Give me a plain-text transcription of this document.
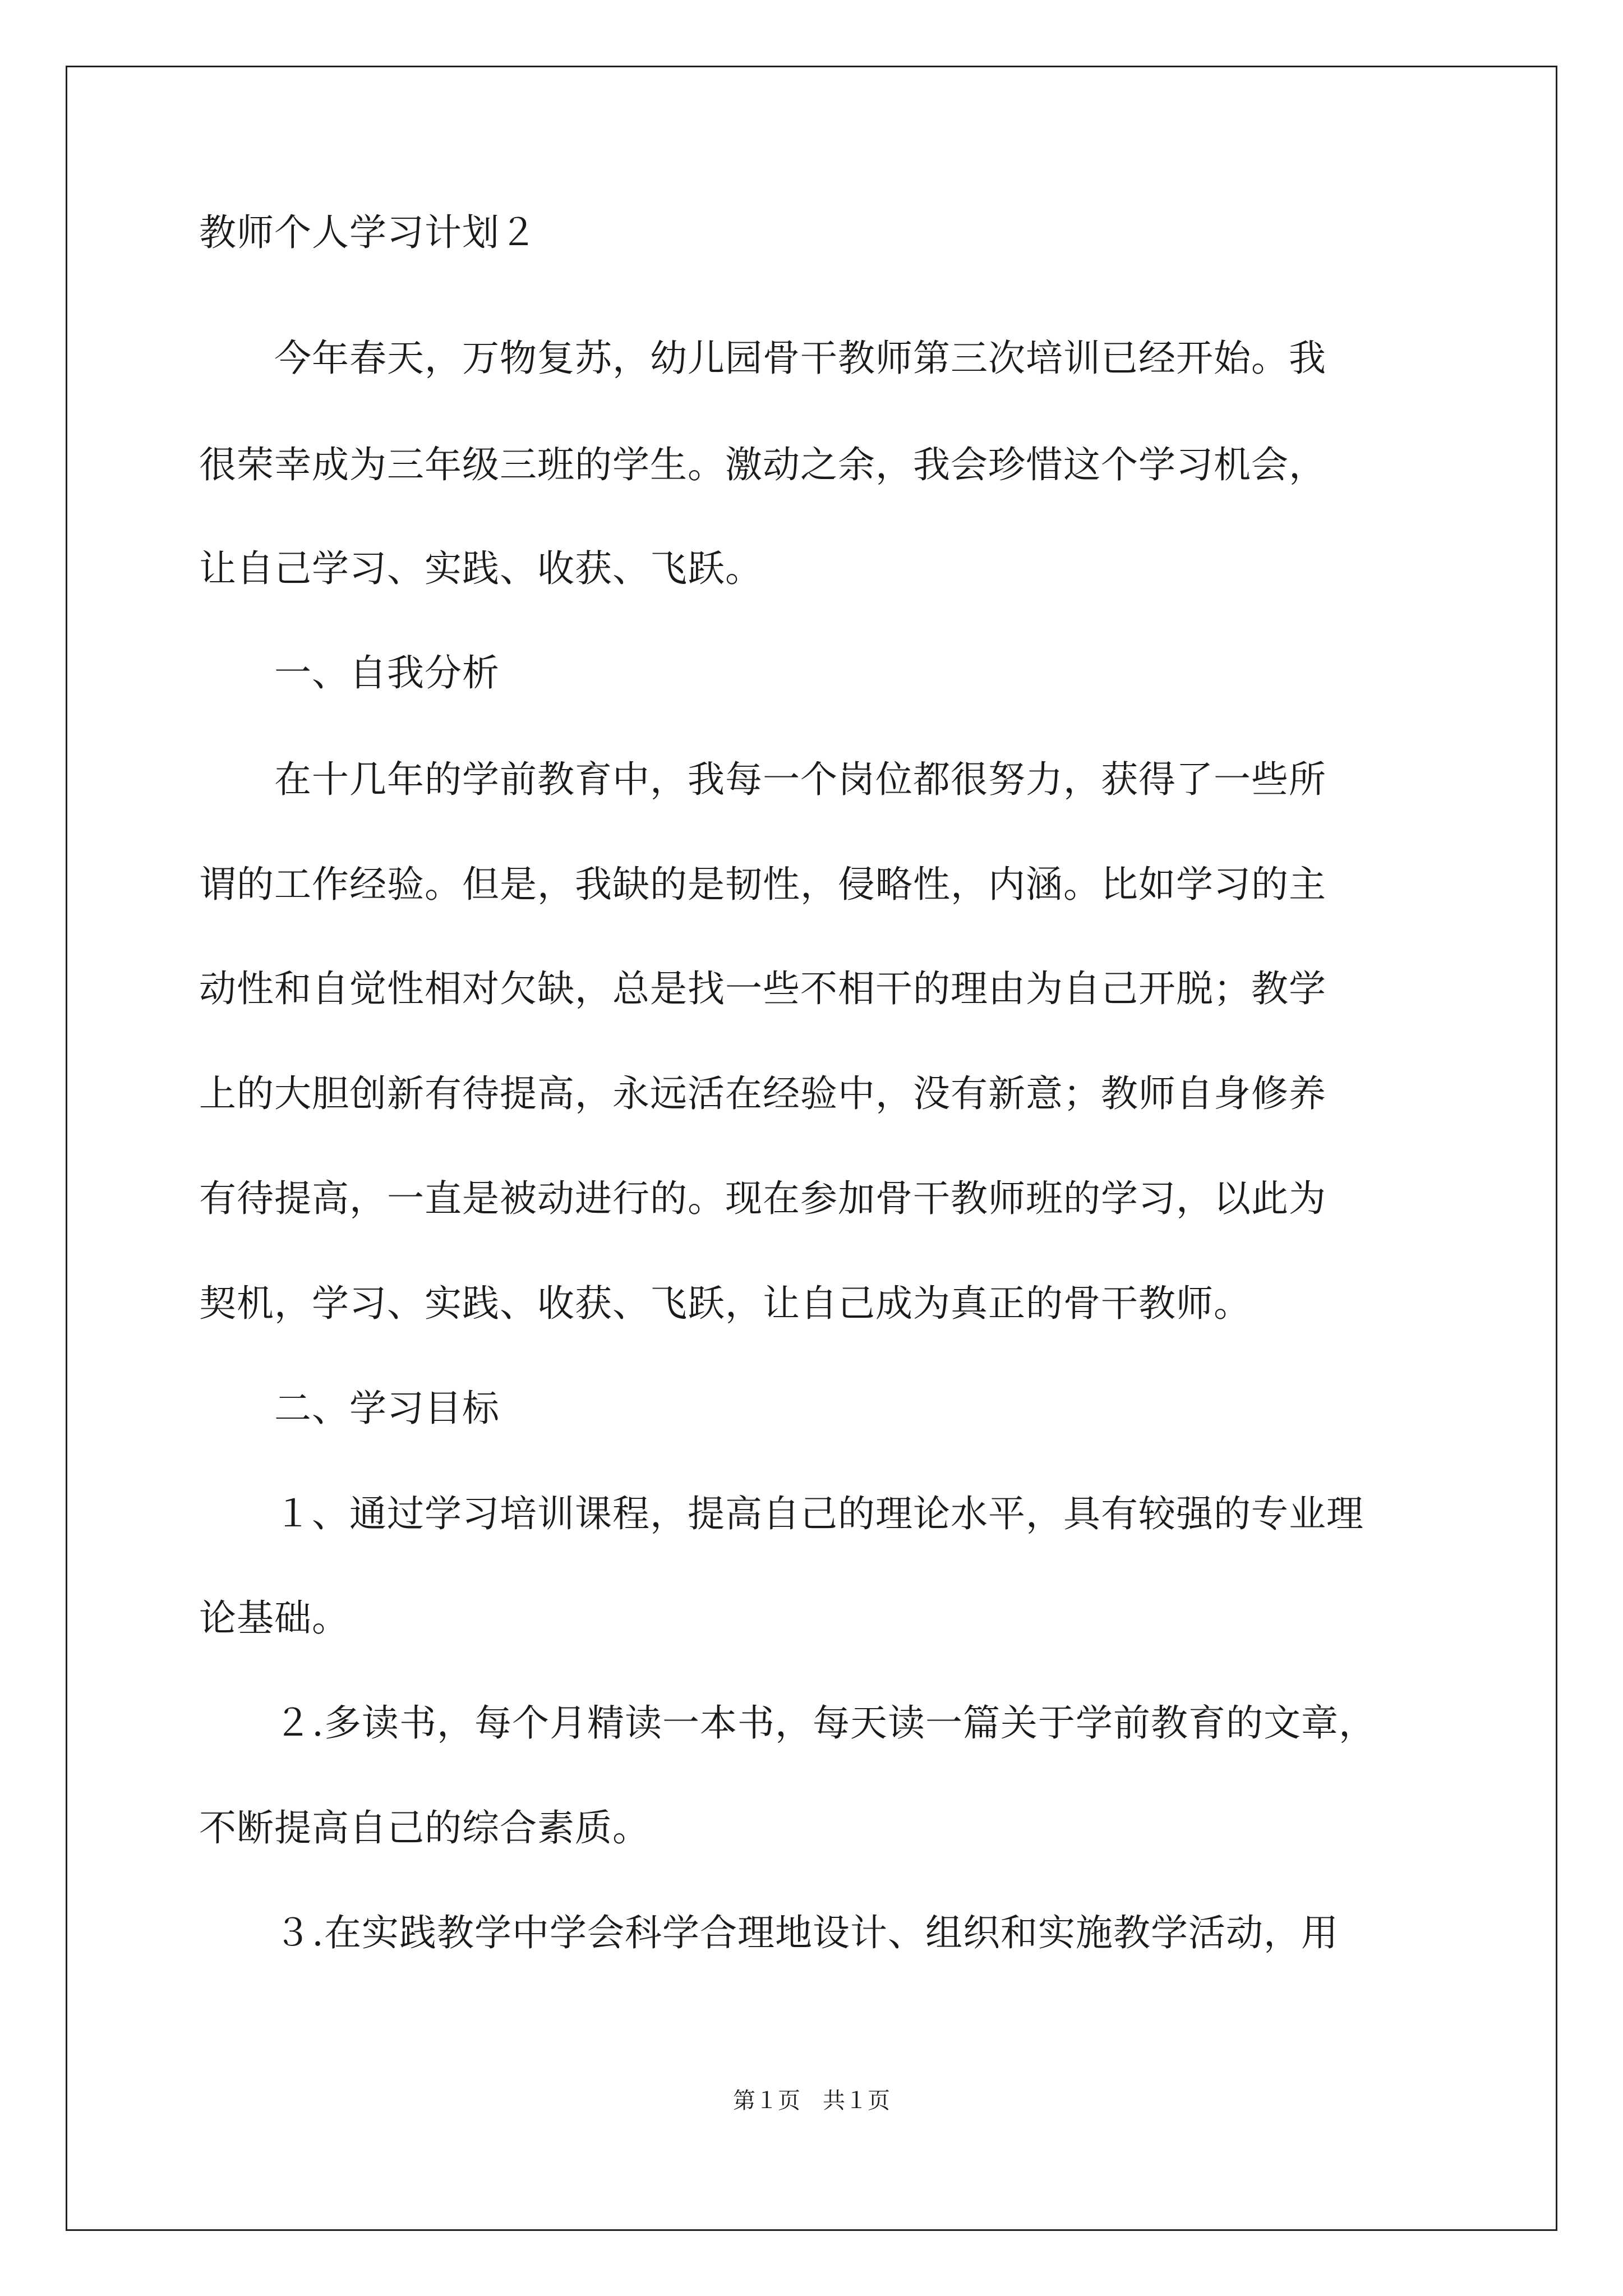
教师个人学习计划２
　　今年春天，万物复苏，幼儿园骨干教师第三次培训已经开始。我
很荣幸成为三年级三班的学生。激动之余，我会珍惜这个学习机会，
让自己学习、实践、收获、飞跃。
　　一、自我分析
　　在十几年的学前教育中，我每一个岗位都很努力，获得了一些所
谓的工作经验。但是，我缺的是韧性，侵略性，内涵。比如学习的主
动性和自觉性相对欠缺，总是找一些不相干的理由为自己开脱；教学
上的大胆创新有待提高，永远活在经验中，没有新意；教师自身修养
有待提高，一直是被动进行的。现在参加骨干教师班的学习，以此为
契机，学习、实践、收获、飞跃，让自己成为真正的骨干教师。
　　二、学习目标
　　１、通过学习培训课程，提高自己的理论水平，具有较强的专业理
论基础。
　　２.多读书，每个月精读一本书，每天读一篇关于学前教育的文章，
不断提高自己的综合素质。
　　３.在实践教学中学会科学合理地设计、组织和实施教学活动，用
第１页 共１页
